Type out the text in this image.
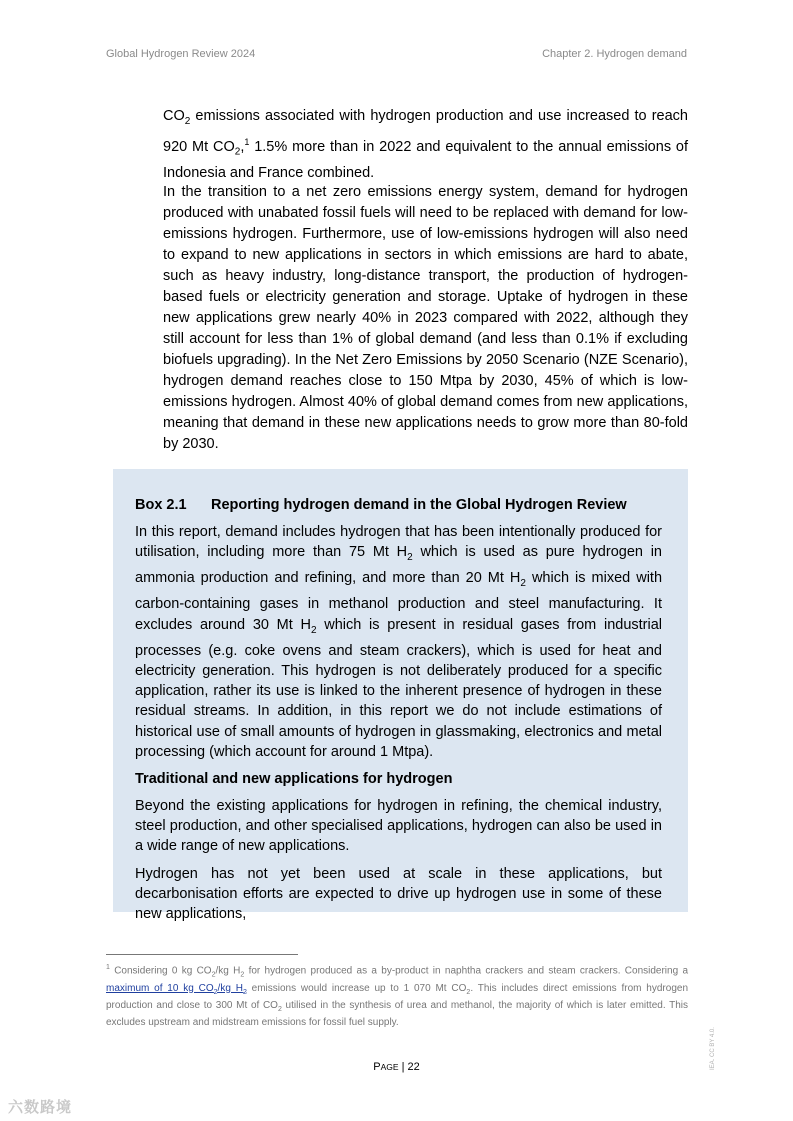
Global Hydrogen Review 2024	Chapter 2. Hydrogen demand

$CO_2$ emissions associated with hydrogen production and use increased to reach 920 Mt $CO_2,^1$ 1.5% more than in 2022 and equivalent to the annual emissions of Indonesia and France combined.

In the transition to a net zero emissions energy system, demand for hydrogen produced with unabated fossil fuels will need to be replaced with demand for low-emissions hydrogen. Furthermore, use of low-emissions hydrogen will also need to expand to new applications in sectors in which emissions are hard to abate, such as heavy industry, long-distance transport, the production of hydrogen-based fuels or electricity generation and storage. Uptake of hydrogen in these new applications grew nearly 40% in 2023 compared with 2022, although they still account for less than 1% of global demand (and less than 0.1% if excluding biofuels upgrading). In the Net Zero Emissions by 2050 Scenario (NZE Scenario), hydrogen demand reaches close to 150 Mtpa by 2030, 45% of which is low-emissions hydrogen. Almost 40% of global demand comes from new applications, meaning that demand in these new applications needs to grow more than 80-fold by 2030.

Box 2.1 Reporting hydrogen demand in the Global Hydrogen Review

In this report, demand includes hydrogen that has been intentionally produced for utilisation, including more than 75 Mt $H_2$ which is used as pure hydrogen in ammonia production and refining, and more than 20 Mt $H_2$ which is mixed with carbon-containing gases in methanol production and steel manufacturing. It excludes around 30 Mt $H_2$ which is present in residual gases from industrial processes (e.g. coke ovens and steam crackers), which is used for heat and electricity generation. This hydrogen is not deliberately produced for a specific application, rather its use is linked to the inherent presence of hydrogen in these residual streams. In addition, in this report we do not include estimations of historical use of small amounts of hydrogen in glassmaking, electronics and metal processing (which account for around 1 Mtpa).

Traditional and new applications for hydrogen

Beyond the existing applications for hydrogen in refining, the chemical industry, steel production, and other specialised applications, hydrogen can also be used in a wide range of new applications.

Hydrogen has not yet been used at scale in these applications, but decarbonisation efforts are expected to drive up hydrogen use in some of these new applications,

$^1$ Considering 0 kg $CO_2/kg$ $H_2$ for hydrogen produced as a by-product in naphtha crackers and steam crackers. Considering a maximum of 10 kg $CO_2/kg$ $H_2$ emissions would increase up to 1 070 Mt $CO_2$. This includes direct emissions from hydrogen production and close to 300 Mt of $CO_2$ utilised in the synthesis of urea and methanol, the majority of which is later emitted. This excludes upstream and midstream emissions for fossil fuel supply.

PAGE | 22	IEA. CC BY 4.0.
六数路境
